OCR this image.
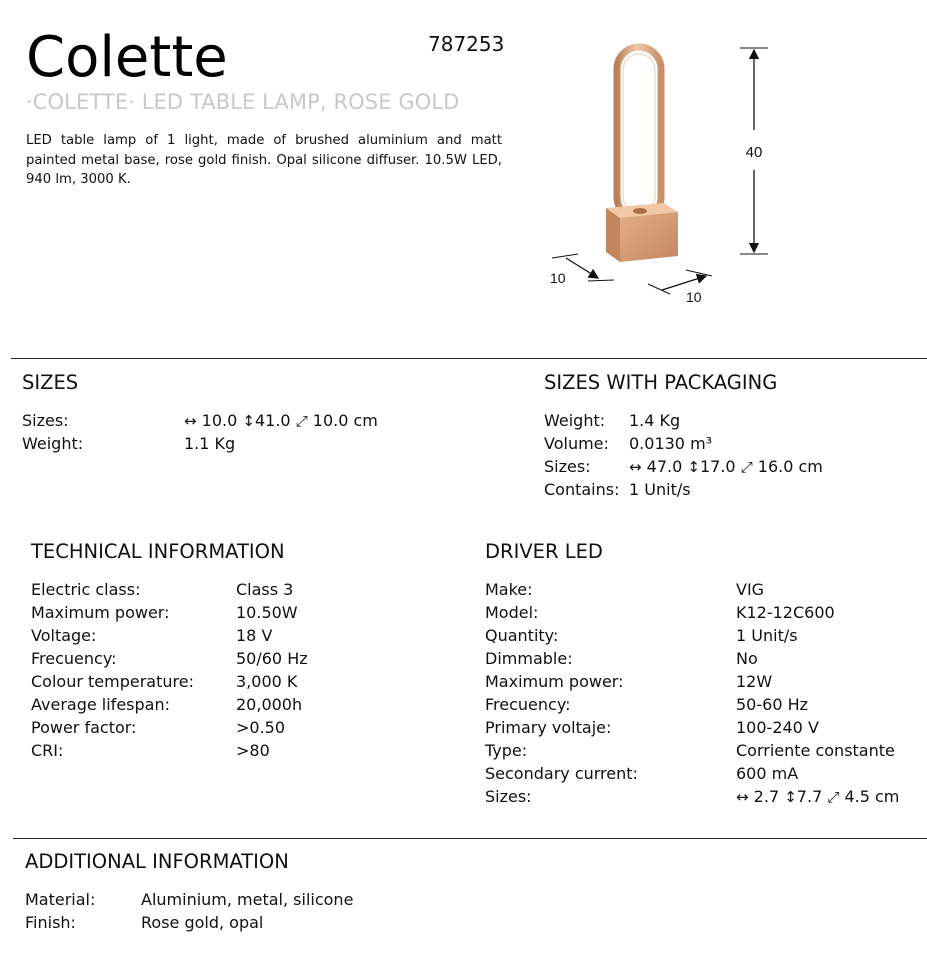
Colette	787253
·COLETTE· LED TABLE LAMP, ROSE GOLD
LED table lamp of 1 light, made of brushed aluminium and matt painted metal base, rose gold finish. Opal silicone diffuser. 10.5W LED, 940 lm, 3000 K.
40
10
10
SIZES
Sizes:	↔ 10.0 ↕41.0 ⤢ 10.0 cm
Weight:	1.1 Kg
SIZES WITH PACKAGING
Weight: 1.4 Kg
Volume: 0.0130 m³
Sizes:	↔ 47.0 ↕17.0 ⤢ 16.0 cm
Contains: 1 Unit/s
TECHNICAL INFORMATION
Electric class:	Class 3
Maximum power:	10.50W
Voltage:	18 V
Frecuency:	50/60 Hz
Colour temperature:	3,000 K
Average lifespan:	20,000h
Power factor:	>0.50
CRI:	>80
DRIVER LED
Make:	VIG
Model:	K12-12C600
Quantity:	1 Unit/s
Dimmable:	No
Maximum power:	12W
Frecuency:	50-60 Hz
Primary voltaje:	100-240 V
Type:	Corriente constante
Secondary current:	600 mA
Sizes:	↔ 2.7 ↕7.7 ⤢ 4.5 cm
ADDITIONAL INFORMATION
Material:	Aluminium, metal, silicone
Finish:	Rose gold, opal
